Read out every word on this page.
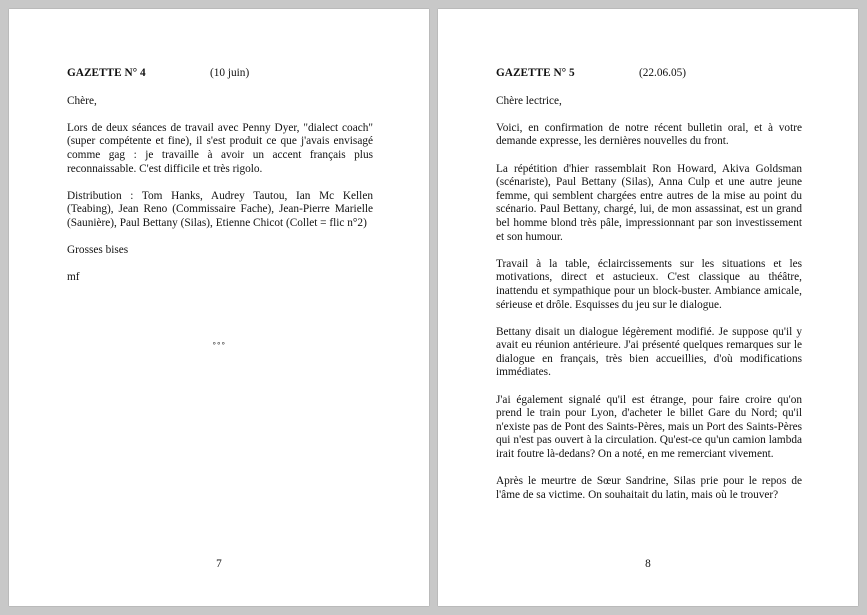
GAZETTE N° 4	(10 juin)

Chère,

Lors de deux séances de travail avec Penny Dyer, "dialect coach" (super compétente et fine), il s'est produit ce que j'avais envisagé comme gag : je travaille à avoir un accent français plus reconnaissable. C'est difficile et très rigolo.

Distribution : Tom Hanks, Audrey Tautou, Ian Mc Kellen (Teabing), Jean Reno (Commissaire Fache), Jean-Pierre Marielle (Saunière), Paul Bettany (Silas), Etienne Chicot (Collet = flic n°2)

Grosses bises

mf

°°°
7
GAZETTE N° 5	(22.06.05)

Chère lectrice,

Voici, en confirmation de notre récent bulletin oral, et à votre demande expresse, les dernières nouvelles du front.

La répétition d'hier rassemblait Ron Howard, Akiva Goldsman (scénariste), Paul Bettany (Silas), Anna Culp et une autre jeune femme, qui semblent chargées entre autres de la mise au point du scénario. Paul Bettany, chargé, lui, de mon assassinat, est un grand bel homme blond très pâle, impressionnant par son investissement et son humour.

Travail à la table, éclaircissements sur les situations et les motivations, direct et astucieux. C'est classique au théâtre, inattendu et sympathique pour un block-buster. Ambiance amicale, sérieuse et drôle. Esquisses du jeu sur le dialogue.

Bettany disait un dialogue légèrement modifié. Je suppose qu'il y avait eu réunion antérieure. J'ai présenté quelques remarques sur le dialogue en français, très bien accueillies, d'où modifications immédiates.

J'ai également signalé qu'il est étrange, pour faire croire qu'on prend le train pour Lyon, d'acheter le billet Gare du Nord; qu'il n'existe pas de Pont des Saints-Pères, mais un Port des Saints-Pères qui n'est pas ouvert à la circulation. Qu'est-ce qu'un camion lambda irait foutre là-dedans? On a noté, en me remerciant vivement.

Après le meurtre de Sœur Sandrine, Silas prie pour le repos de l'âme de sa victime. On souhaitait du latin, mais où le trouver?

8
